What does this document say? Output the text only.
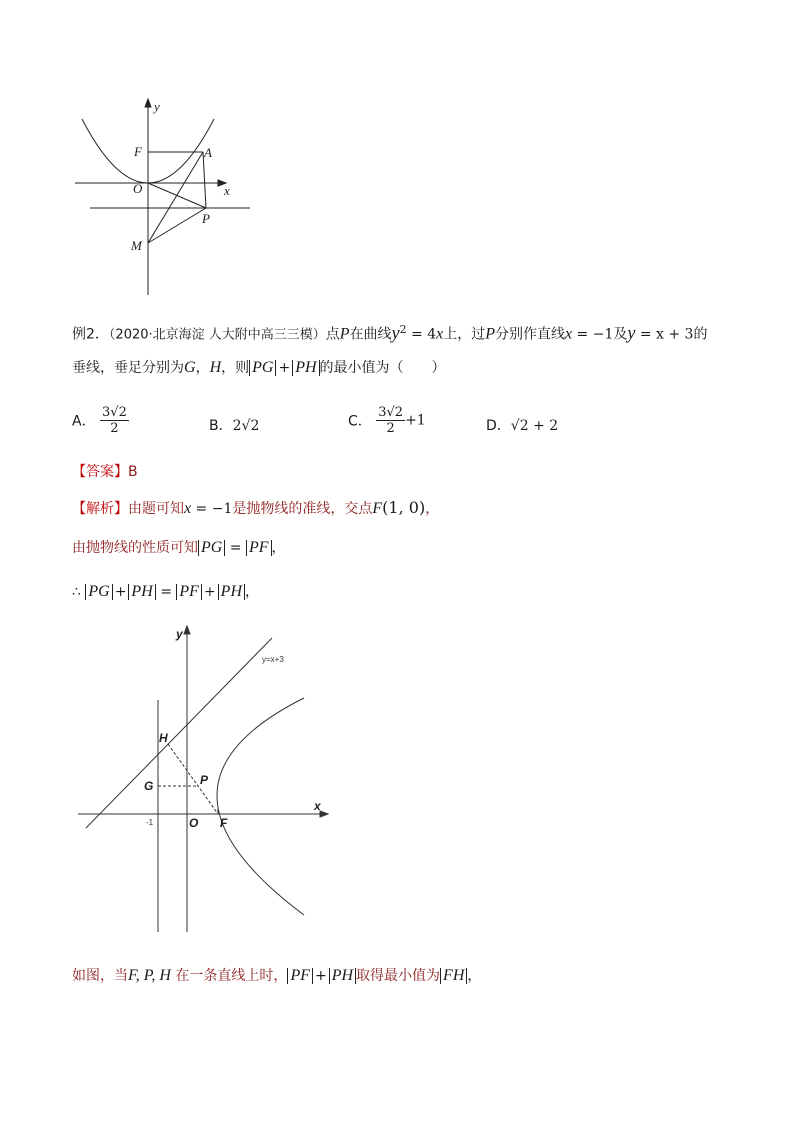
y
x
F	A
O
P
M
例2．（2020·北京海淀 人大附中高三三模）点P在曲线$y^2 = 4x$上，过P分别作直线x = −1及y = x + 3的
垂线，垂足分别为G，H，则 PG + PH 的最小值为（　　）
A． $\frac{3√2}{2}$	B．2√2	C． $\frac{3√2}{2} +1$	D．√2 + 2
【答案】B
【解析】由题可知x = −1是抛物线的准线，交点F(1, 0)，
由抛物线的性质可知 PG = PF ，
∴ PG + PH = PF + PH ，
y
x
H
G	P
O F
y=x+3
-1
如图，当F, P, H 在一条直线上时， PF + PH 取得最小值为 FH ，
